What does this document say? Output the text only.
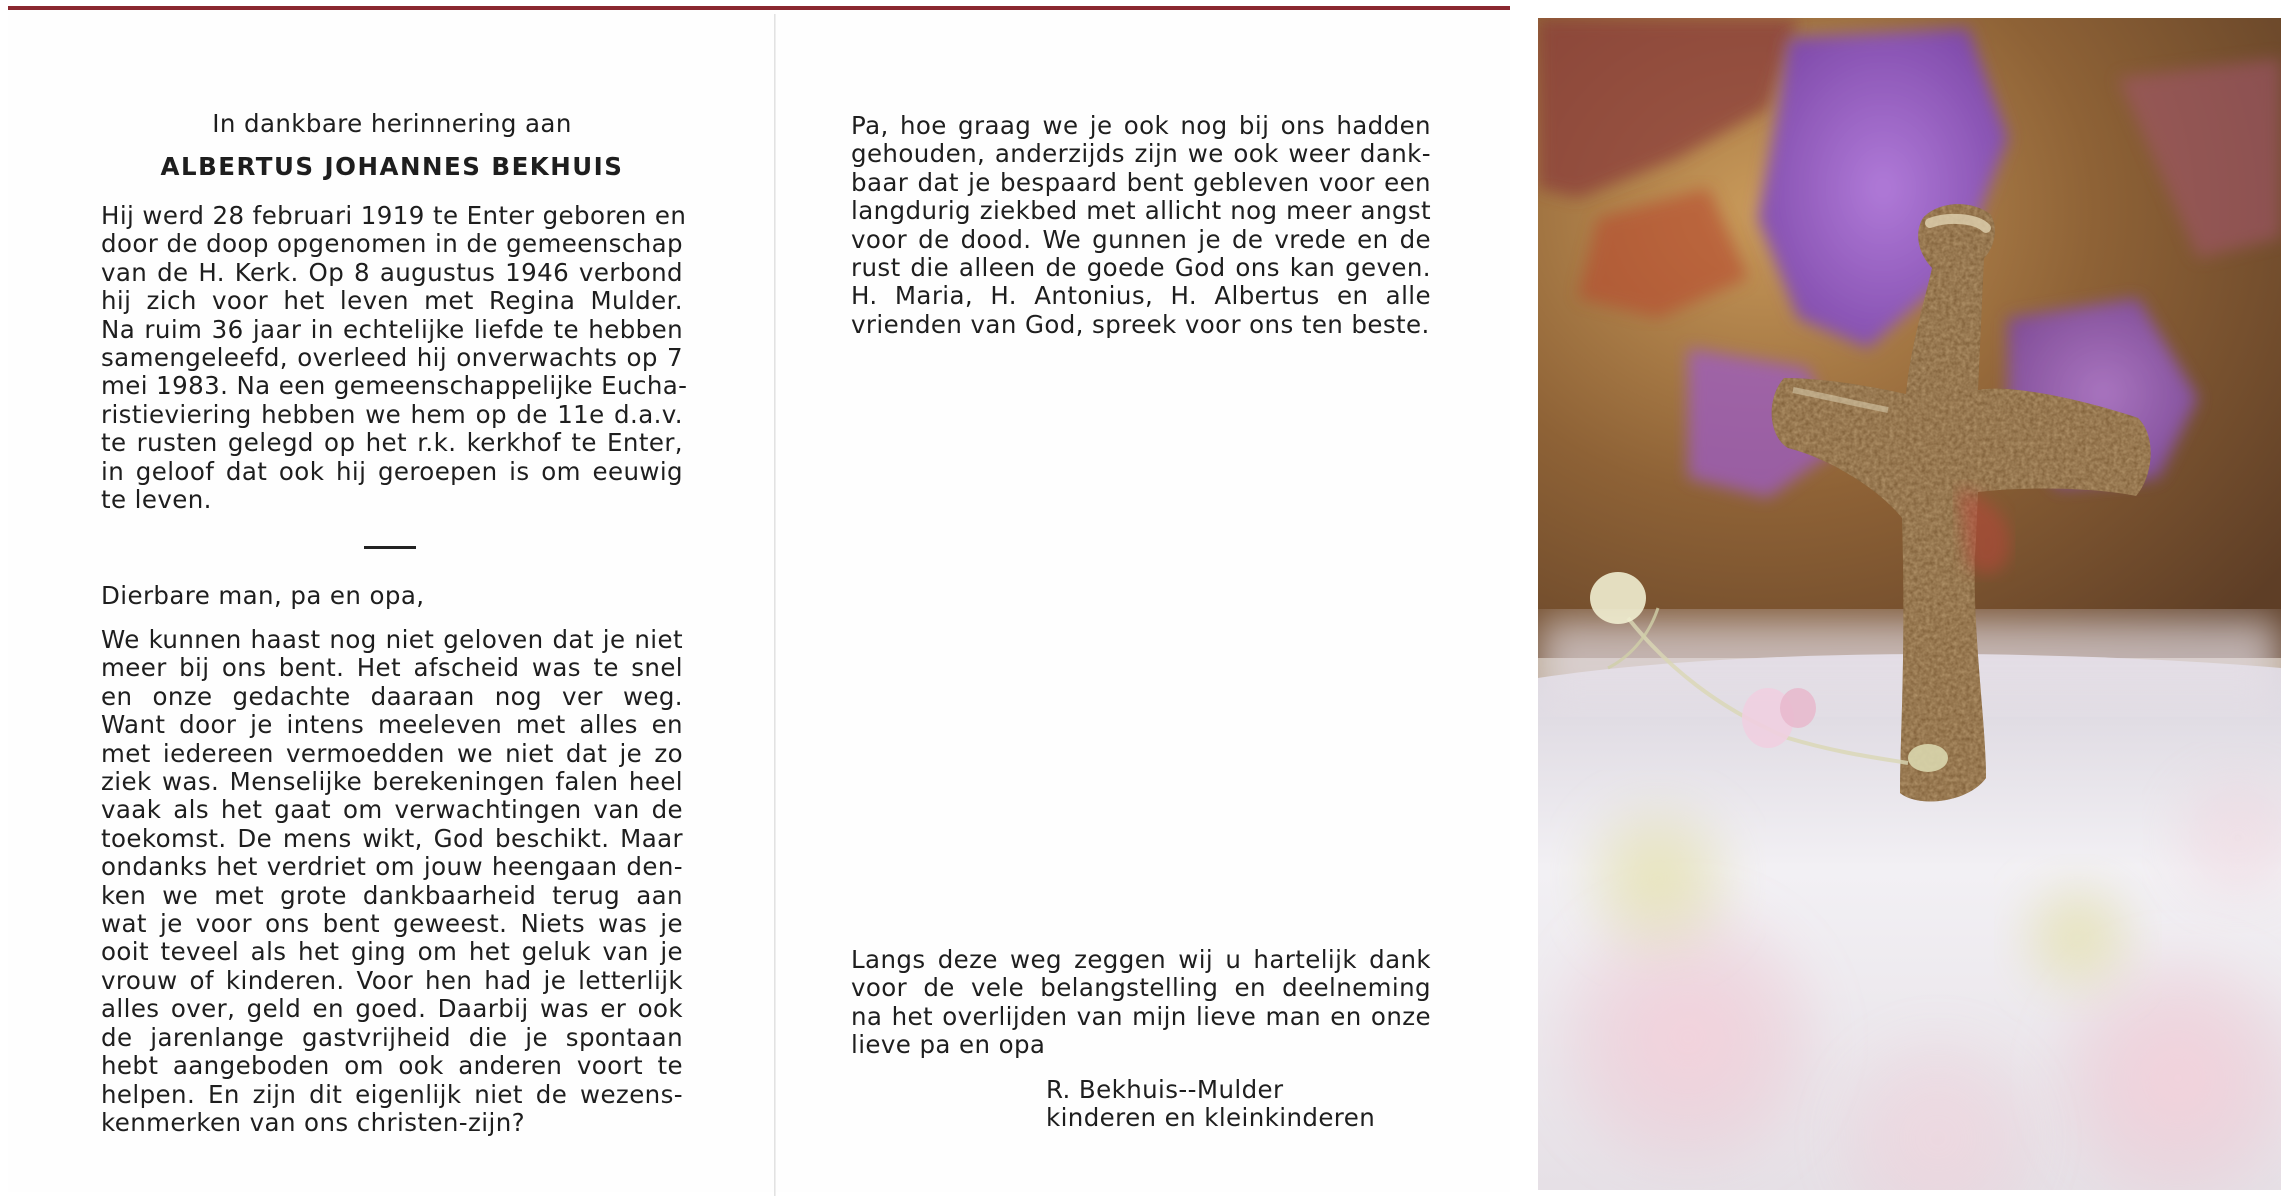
In dankbare herinnering aan
ALBERTUS JOHANNES BEKHUIS
Hij werd 28 februari 1919 te Enter geboren en
door de doop opgenomen in de gemeenschap
van de H. Kerk. Op 8 augustus 1946 verbond
hij zich voor het leven met Regina Mulder.
Na ruim 36 jaar in echtelijke liefde te hebben
samengeleefd, overleed hij onverwachts op 7
mei 1983. Na een gemeenschappelijke Eucha-
ristieviering hebben we hem op de 11e d.a.v.
te rusten gelegd op het r.k. kerkhof te Enter,
in geloof dat ook hij geroepen is om eeuwig
te leven.
Dierbare man, pa en opa,
We kunnen haast nog niet geloven dat je niet
meer bij ons bent. Het afscheid was te snel
en onze gedachte daaraan nog ver weg.
Want door je intens meeleven met alles en
met iedereen vermoedden we niet dat je zo
ziek was. Menselijke berekeningen falen heel
vaak als het gaat om verwachtingen van de
toekomst. De mens wikt, God beschikt. Maar
ondanks het verdriet om jouw heengaan den-
ken we met grote dankbaarheid terug aan
wat je voor ons bent geweest. Niets was je
ooit teveel als het ging om het geluk van je
vrouw of kinderen. Voor hen had je letterlijk
alles over, geld en goed. Daarbij was er ook
de jarenlange gastvrijheid die je spontaan
hebt aangeboden om ook anderen voort te
helpen. En zijn dit eigenlijk niet de wezens-
kenmerken van ons christen-zijn?
Pa, hoe graag we je ook nog bij ons hadden
gehouden, anderzijds zijn we ook weer dank-
baar dat je bespaard bent gebleven voor een
langdurig ziekbed met allicht nog meer angst
voor de dood. We gunnen je de vrede en de
rust die alleen de goede God ons kan geven.
H. Maria, H. Antonius, H. Albertus en alle
vrienden van God, spreek voor ons ten beste.
Langs deze weg zeggen wij u hartelijk dank
voor de vele belangstelling en deelneming
na het overlijden van mijn lieve man en onze
lieve pa en opa
R. Bekhuis--Mulder
kinderen en kleinkinderen
